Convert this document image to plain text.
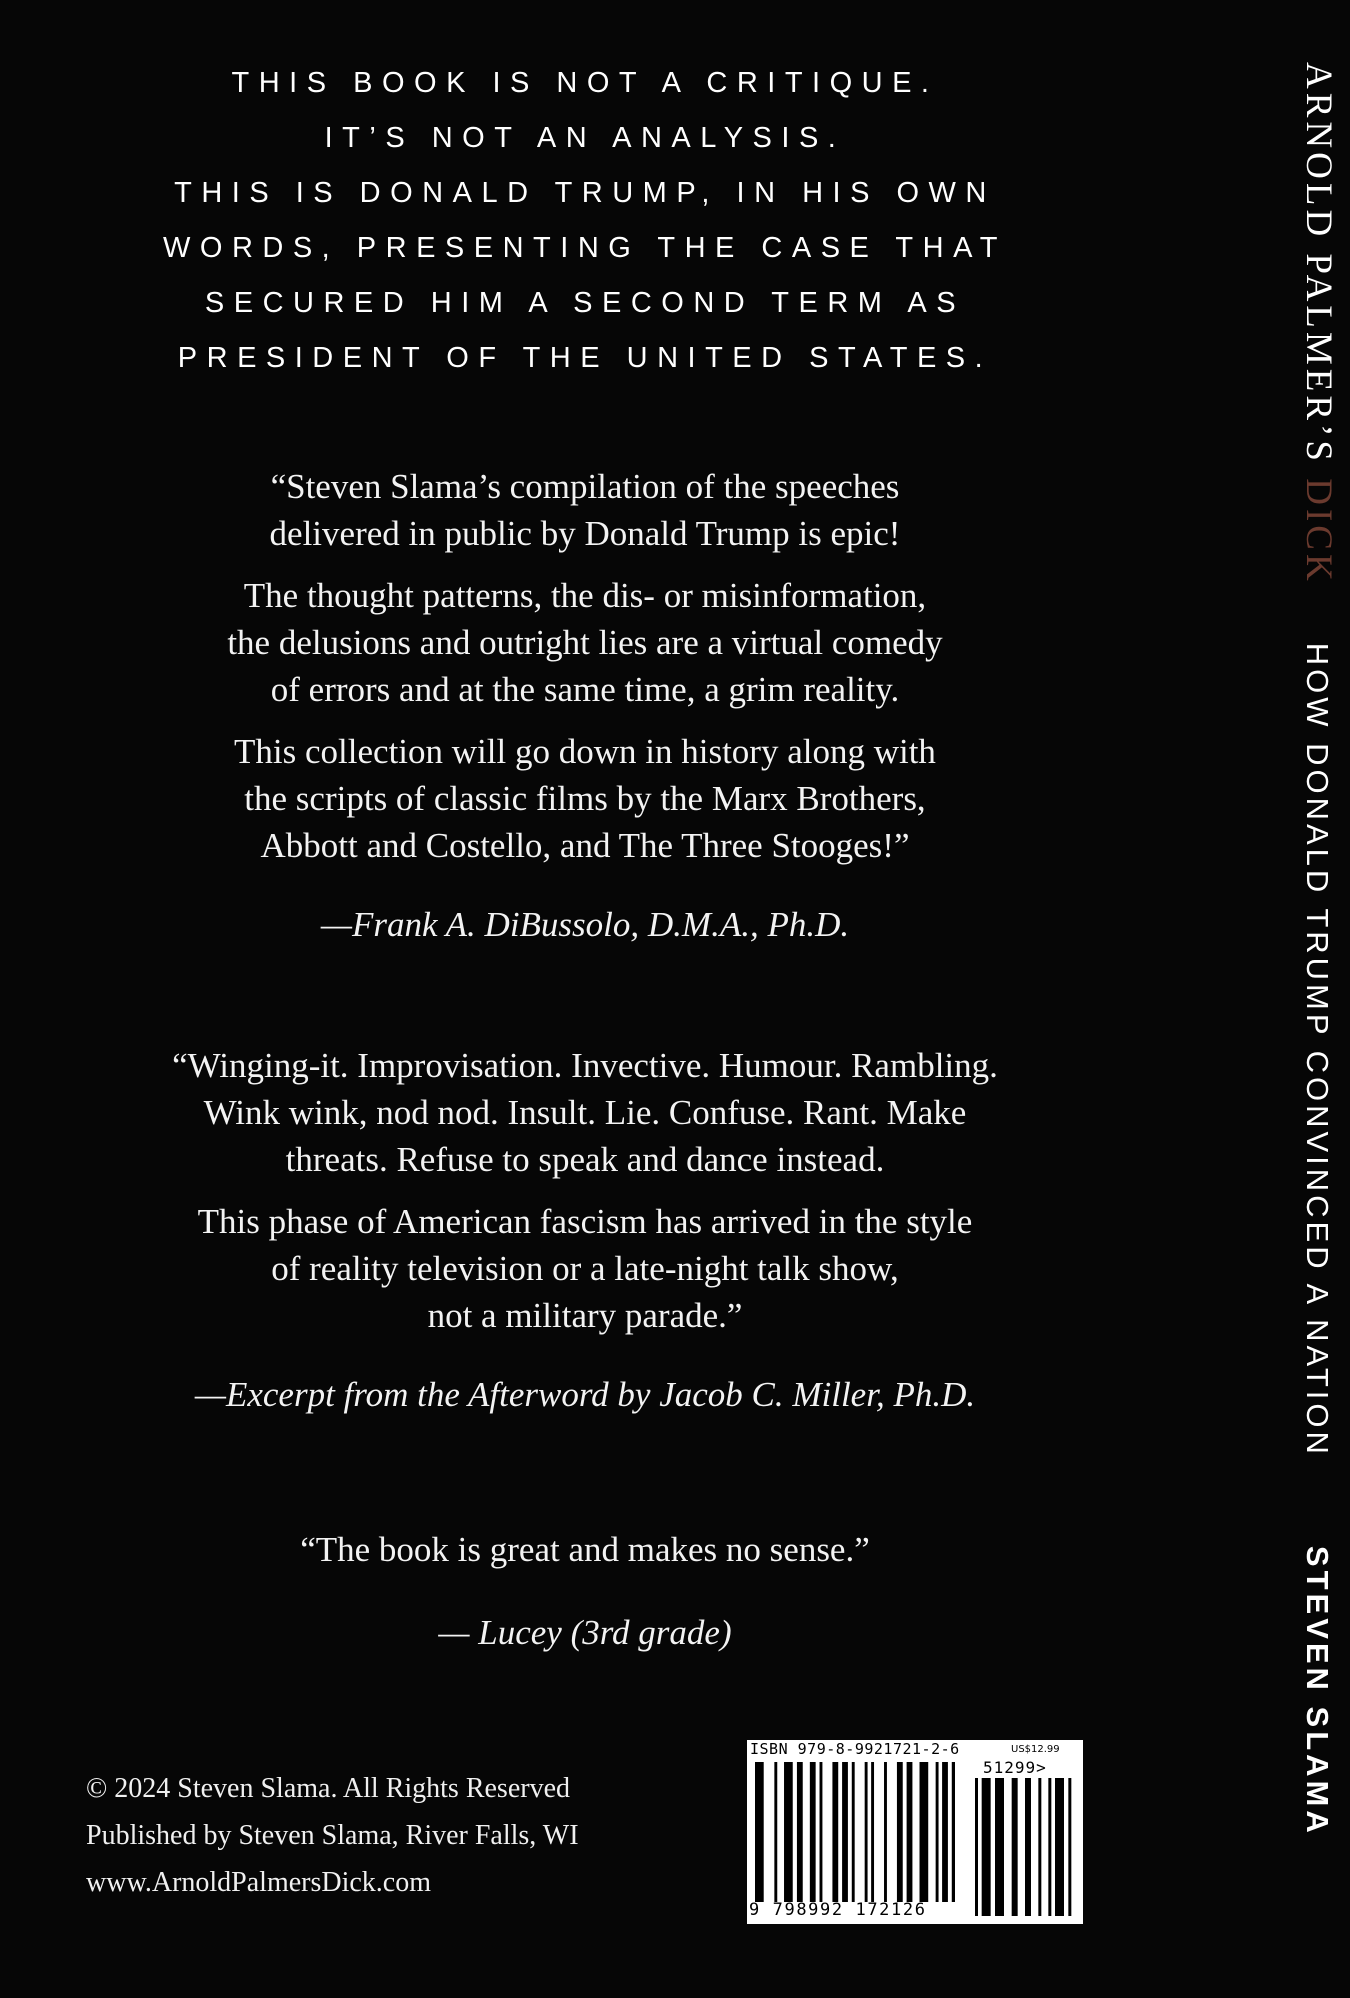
THIS BOOK IS NOT A CRITIQUE.
IT’S NOT AN ANALYSIS.
THIS IS DONALD TRUMP, IN HIS OWN
WORDS, PRESENTING THE CASE THAT
SECURED HIM A SECOND TERM AS
PRESIDENT OF THE UNITED STATES.

“Steven Slama’s compilation of the speeches

delivered in public by Donald Trump is epic!

The thought patterns, the dis- or misinformation,

the delusions and outright lies are a virtual comedy

of errors and at the same time, a grim reality.

This collection will go down in history along with

the scripts of classic films by the Marx Brothers,

Abbott and Costello, and The Three Stooges!”

—Frank A. DiBussolo, D.M.A., Ph.D.

“Winging-it. Improvisation. Invective. Humour. Rambling.

Wink wink, nod nod. Insult. Lie. Confuse. Rant. Make

threats. Refuse to speak and dance instead.

This phase of American fascism has arrived in the style

of reality television or a late-night talk show,

not a military parade.”

—Excerpt from the Afterword by Jacob C. Miller, Ph.D.

“The book is great and makes no sense.”

— Lucey (3rd grade)

© 2024 Steven Slama. All Rights Reserved
Published by Steven Slama, River Falls, WI
www.ArnoldPalmersDick.com
ISBN 979-8-9921721-2-6	US$12.99
51299>
9 798992 172126
ARNOLD PALMER’S DICKHOW DONALD TRUMP CONVINCED A NATIONSTEVEN SLAMA
